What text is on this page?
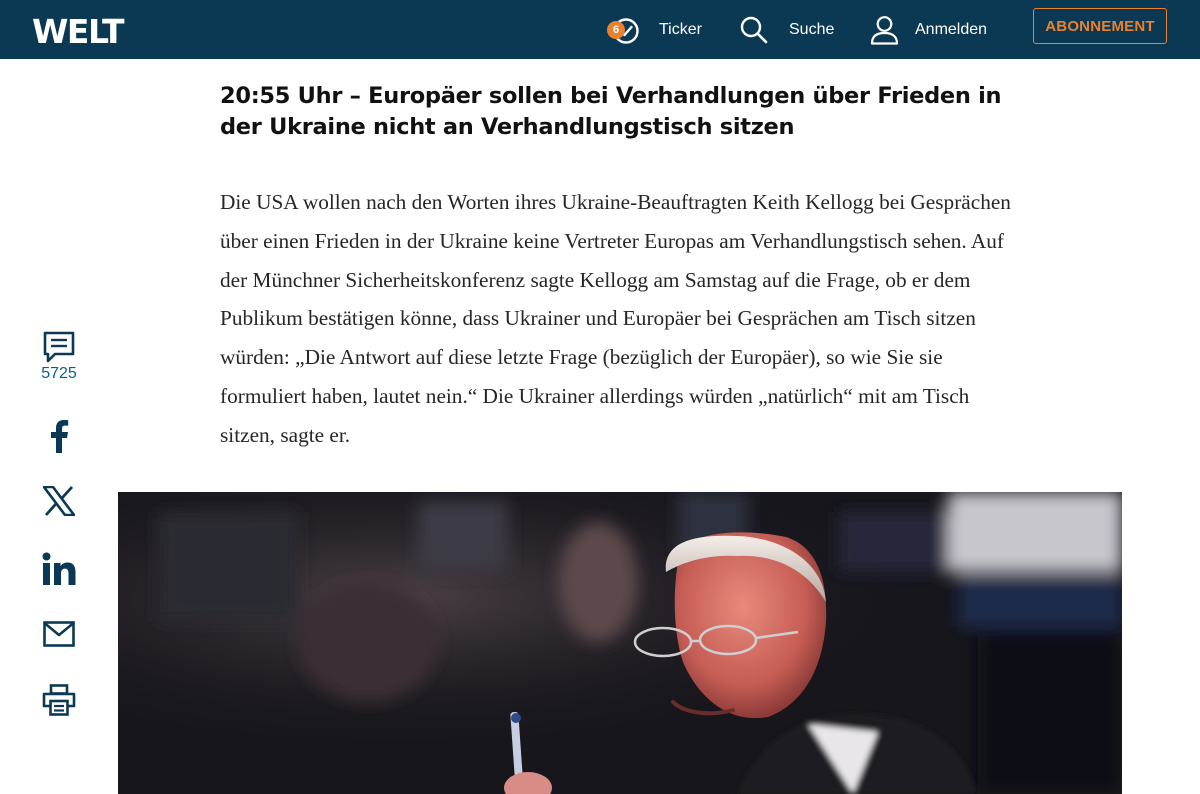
WELT	6	Ticker	Suche	Anmelden	ABONNEMENT
20:55 Uhr – Europäer sollen bei Verhandlungen über Frieden in der Ukraine nicht an Verhandlungstisch sitzen

Die USA wollen nach den Worten ihres Ukraine-Beauftragten Keith Kellogg bei Gesprächen über einen Frieden in der Ukraine keine Vertreter Europas am Verhandlungstisch sehen. Auf der Münchner Sicherheitskonferenz sagte Kellogg am Samstag auf die Frage, ob er dem Publikum bestätigen könne, dass Ukrainer und Europäer bei Gesprächen am Tisch sitzen würden: „Die Antwort auf diese letzte Frage (bezüglich der Europäer), so wie Sie sie formuliert haben, lautet nein.“ Die Ukrainer allerdings würden „natürlich“ mit am Tisch sitzen, sagte er.

5725
